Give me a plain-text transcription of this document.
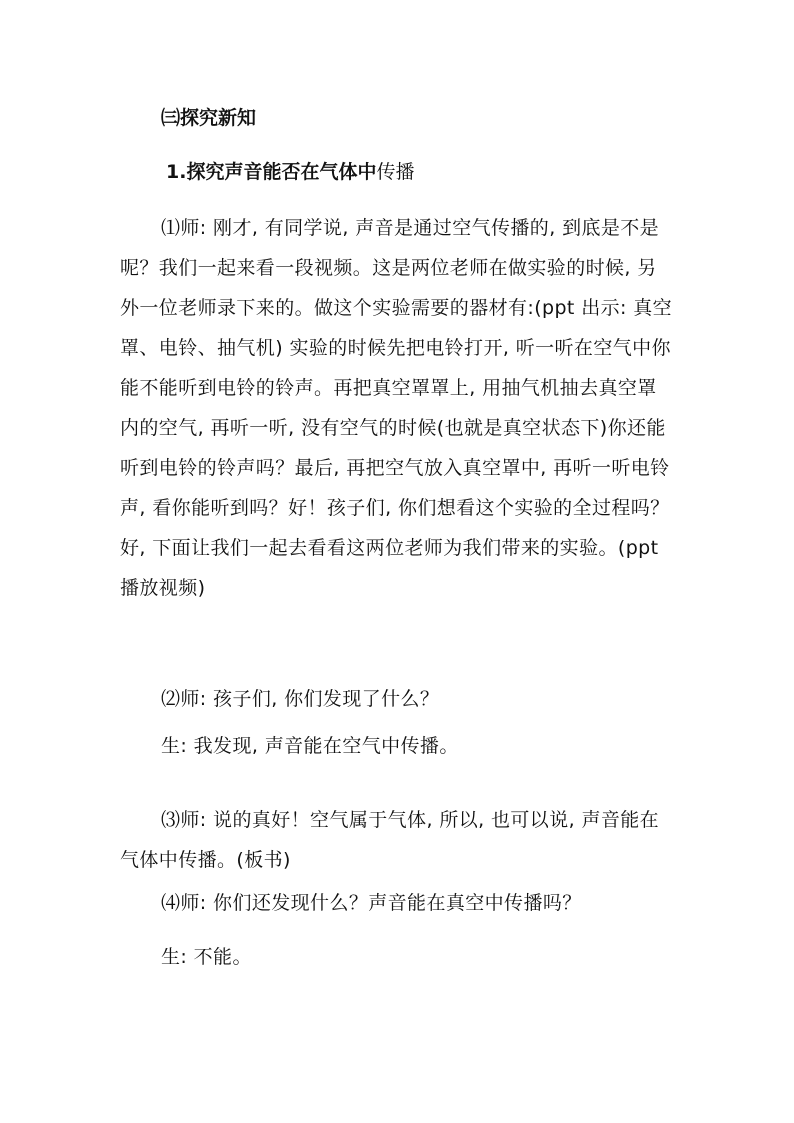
㈢探究新知
1.探究声音能否在气体中传播

⑴师: 刚才, 有同学说, 声音是通过空气传播的, 到底是不是呢？我们一起来看一段视频。这是两位老师在做实验的时候, 另外一位老师录下来的。做这个实验需要的器材有:(ppt 出示: 真空罩、电铃、抽气机) 实验的时候先把电铃打开, 听一听在空气中你能不能听到电铃的铃声。再把真空罩罩上, 用抽气机抽去真空罩内的空气, 再听一听, 没有空气的时候(也就是真空状态下)你还能听到电铃的铃声吗？最后, 再把空气放入真空罩中, 再听一听电铃声, 看你能听到吗？好！孩子们, 你们想看这个实验的全过程吗？好, 下面让我们一起去看看这两位老师为我们带来的实验。(ppt 播放视频)

⑵师: 孩子们, 你们发现了什么？

生: 我发现, 声音能在空气中传播。

⑶师: 说的真好！空气属于气体, 所以, 也可以说, 声音能在气体中传播。(板书)

⑷师: 你们还发现什么？声音能在真空中传播吗？

生: 不能。
